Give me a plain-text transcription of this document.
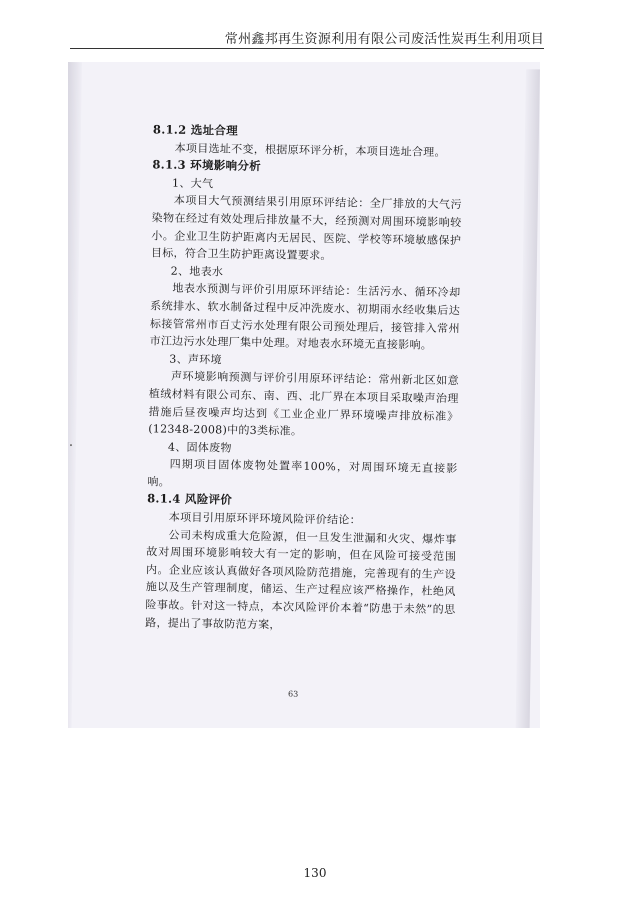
常州鑫邦再生资源利用有限公司废活性炭再生利用项目
8.1.2 选址合理
本项目选址不变，根据原环评分析，本项目选址合理。
8.1.3 环境影响分析
1、大气
本项目大气预测结果引用原环评结论：全厂排放的大气污染物在经过有效处理后排放量不大，经预测对周围环境影响较小。企业卫生防护距离内无居民、医院、学校等环境敏感保护目标，符合卫生防护距离设置要求。
2、地表水
地表水预测与评价引用原环评结论：生活污水、循环冷却系统排水、软水制备过程中反冲洗废水、初期雨水经收集后达标接管常州市百丈污水处理有限公司预处理后，接管排入常州市江边污水处理厂集中处理。对地表水环境无直接影响。
3、声环境
声环境影响预测与评价引用原环评结论：常州新北区如意植绒材料有限公司东、南、西、北厂界在本项目采取噪声治理措施后昼夜噪声均达到《工业企业厂界环境噪声排放标准》(12348-2008)中的3类标准。
4、固体废物
四期项目固体废物处置率100%，对周围环境无直接影响。
8.1.4 风险评价
本项目引用原环评环境风险评价结论：
公司未构成重大危险源，但一旦发生泄漏和火灾、爆炸事故对周围环境影响较大有一定的影响，但在风险可接受范围内。企业应该认真做好各项风险防范措施，完善现有的生产设施以及生产管理制度，储运、生产过程应该严格操作，杜绝风险事故。针对这一特点，本次风险评价本着“防患于未然”的思路，提出了事故防范方案，
63
130
